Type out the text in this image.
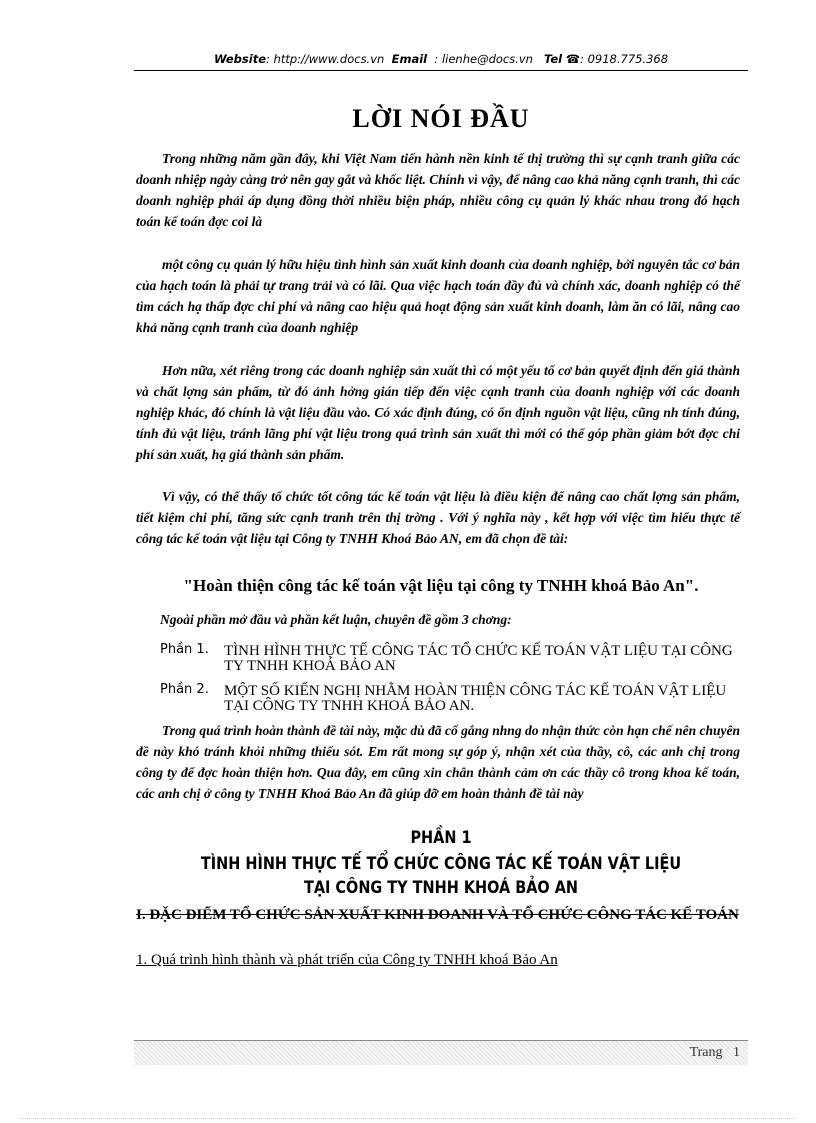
Website: http://www.docs.vn Email : lienhe@docs.vn Tel ☎: 0918.775.368
LỜI NÓI ĐẦU
Trong những năm gần đây, khi Việt Nam tiến hành nền kinh tế thị trường thì sự cạnh tranh giữa các doanh nhiệp ngày càng trở nên gay gắt và khốc liệt. Chính vì vậy, để nâng cao khả năng cạnh tranh, thì các doanh nghiệp phải áp dụng đồng thời nhiều biện pháp, nhiều công cụ quản lý khác nhau trong đó hạch toán kế toán đợc coi là
một công cụ quản lý hữu hiệu tình hình sản xuất kinh doanh của doanh nghiệp, bởi nguyên tắc cơ bản của hạch toán là phải tự trang trải và có lãi. Qua việc hạch toán đầy đủ và chính xác, doanh nghiệp có thể tìm cách hạ thấp đợc chi phí và nâng cao hiệu quả hoạt động sản xuất kinh doanh, làm ăn có lãi, nâng cao khả năng cạnh tranh của doanh nghiệp
Hơn nữa, xét riêng trong các doanh nghiệp sản xuất thì có một yếu tố cơ bản quyết định đến giá thành và chất lợng sản phẩm, từ đó ảnh hởng gián tiếp đến việc cạnh tranh của doanh nghiệp với các doanh nghiệp khác, đó chính là vật liệu đầu vào. Có xác định đúng, có ổn định nguồn vật liệu, cũng nh tính đúng, tính đủ vật liệu, tránh lãng phí vật liệu trong quá trình sản xuất thì mới có thể góp phần giảm bớt đợc chi phí sản xuất, hạ giá thành sản phẩm.
Vì vậy, có thể thấy tổ chức tốt công tác kế toán vật liệu là điều kiện để nâng cao chất lợng sản phẩm, tiết kiệm chi phí, tăng sức cạnh tranh trên thị trờng . Với ý nghĩa này , kết hợp với việc tìm hiểu thực tế công tác kế toán vật liệu tại Công ty TNHH Khoá Bảo AN, em đã chọn đề tài:
"Hoàn thiện công tác kế toán vật liệu tại công ty TNHH khoá Bảo An".
Ngoài phần mở đầu và phần kết luận, chuyên đề gồm 3 chơng:
Phần 1. TÌNH HÌNH THỰC TẾ CÔNG TÁC TỔ CHỨC KẾ TOÁN VẬT LIỆU TẠI CÔNG TY TNHH KHOÁ BẢO AN
Phần 2. MỘT SỐ KIẾN NGHỊ NHẰM HOÀN THIỆN CÔNG TÁC KẾ TOÁN VẬT LIỆU TẠI CÔNG TY TNHH KHOÁ BẢO AN.
Trong quá trình hoàn thành đề tài này, mặc dù đã cố gắng nhng do nhận thức còn hạn chế nên chuyên đề này khó tránh khỏi những thiếu sót. Em rất mong sự góp ý, nhận xét của thầy, cô, các anh chị trong công ty để đợc hoàn thiện hơn. Qua đây, em cũng xin chân thành cảm ơn các thầy cô trong khoa kế toán, các anh chị ở công ty TNHH Khoá Bảo An đã giúp đỡ em hoàn thành đề tài này
PHẦN 1
TÌNH HÌNH THỰC TẾ TỔ CHỨC CÔNG TÁC KẾ TOÁN VẬT LIỆU
TẠI CÔNG TY TNHH KHOÁ BẢO AN
I. ĐẶC ĐIỂM TỔ CHỨC SẢN XUẤT KINH DOANH VÀ TỔ CHỨC CÔNG TÁC KẾ TOÁN
1. Quá trình hình thành và phát triển của Công ty TNHH khoá Bảo An
Trang 1
